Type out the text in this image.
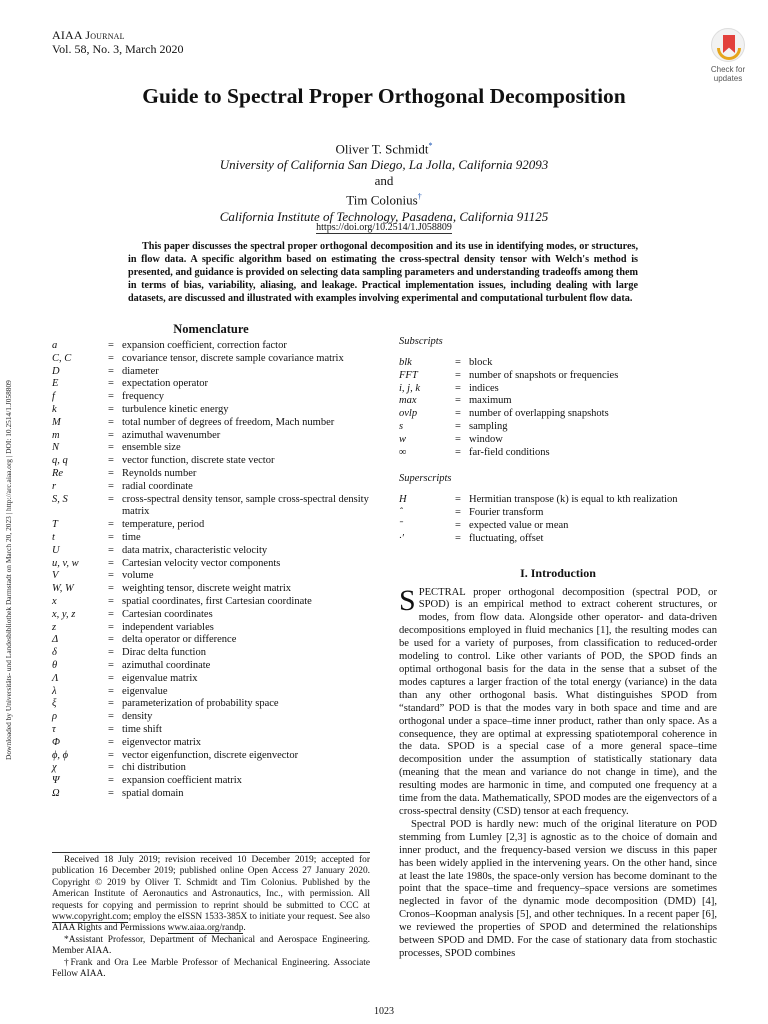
AIAA Journal
Vol. 58, No. 3, March 2020
Check for
updates
Guide to Spectral Proper Orthogonal Decomposition
Oliver T. Schmidt*
University of California San Diego, La Jolla, California 92093
and
Tim Colonius†
California Institute of Technology, Pasadena, California 91125
https://doi.org/10.2514/1.J058809
This paper discusses the spectral proper orthogonal decomposition and its use in identifying modes, or structures, in flow data. A specific algorithm based on estimating the cross-spectral density tensor with Welch's method is presented, and guidance is provided on selecting data sampling parameters and understanding tradeoffs among them in terms of bias, variability, aliasing, and leakage. Practical implementation issues, including dealing with large datasets, are discussed and illustrated with examples involving experimental and computational turbulent flow data.
Downloaded by Universitäts- und Landesbibliothek Darmstadt on March 20, 2023 | http://arc.aiaa.org | DOI: 10.2514/1.J058809
Nomenclature
a	= expansion coefficient, correction factor
C, C	= covariance tensor, discrete sample covariance matrix
D	= diameter
E	= expectation operator
f	= frequency
k	= turbulence kinetic energy
M	= total number of degrees of freedom, Mach number
m	= azimuthal wavenumber
N	= ensemble size
q, q	= vector function, discrete state vector
Re	= Reynolds number
r	= radial coordinate
S, S	= cross-spectral density tensor, sample cross-spectral density matrix
T	= temperature, period
t	= time
U	= data matrix, characteristic velocity
u, v, w	= Cartesian velocity vector components
V	= volume
W, W	= weighting tensor, discrete weight matrix
x	= spatial coordinates, first Cartesian coordinate
x, y, z	= Cartesian coordinates
z	= independent variables
Δ	= delta operator or difference
δ	= Dirac delta function
θ	= azimuthal coordinate
Λ	= eigenvalue matrix
λ	= eigenvalue
ξ	= parameterization of probability space
ρ	= density
τ	= time shift
Φ	= eigenvector matrix
ϕ, ϕ	= vector eigenfunction, discrete eigenvector
χ	= chi distribution
Ψ	= expansion coefficient matrix
Ω	= spatial domain

Received 18 July 2019; revision received 10 December 2019; accepted for publication 16 December 2019; published online Open Access 27 January 2020. Copyright © 2019 by Oliver T. Schmidt and Tim Colonius. Published by the American Institute of Aeronautics and Astronautics, Inc., with permission. All requests for copying and permission to reprint should be submitted to CCC at www.copyright.com; employ the eISSN 1533-385X to initiate your request. See also AIAA Rights and Permissions www.aiaa.org/randp.

*Assistant Professor, Department of Mechanical and Aerospace Engineering. Member AIAA.

†Frank and Ora Lee Marble Professor of Mechanical Engineering. Associate Fellow AIAA.

Subscripts
blk	= block
FFT	= number of snapshots or frequencies
i, j, k	= indices
max	= maximum
ovlp	= number of overlapping snapshots
s	= sampling
w	= window
∞	= far-field conditions
Superscripts
H	= Hermitian transpose (k) is equal to kth realization
ˆ	= Fourier transform
ˉ	= expected value or mean
·′	= fluctuating, offset
I. Introduction

SPECTRAL proper orthogonal decomposition (spectral POD, or SPOD) is an empirical method to extract coherent structures, or modes, from flow data. Alongside other operator- and data-driven decompositions employed in fluid mechanics [1], the resulting modes can be used for a variety of purposes, from classification to reduced-order modeling to control. Like other variants of POD, the SPOD finds an optimal orthogonal basis for the data in the sense that a subset of the modes captures a larger fraction of the total energy (variance) in the data than any other orthogonal basis. What distinguishes SPOD from “standard” POD is that the modes vary in both space and time and are orthogonal under a space–time inner product, rather than only space. As a consequence, they are optimal at expressing spatiotemporal coherence in the data. SPOD is a special case of a more general space–time decomposition under the assumption of statistically stationary data (meaning that the mean and variance do not change in time), and the resulting modes are harmonic in time, and computed one frequency at a time from the data. Mathematically, SPOD modes are the eigenvectors of a cross-spectral density (CSD) tensor at each frequency.

Spectral POD is hardly new: much of the original literature on POD stemming from Lumley [2,3] is agnostic as to the choice of domain and inner product, and the frequency-based version we discuss in this paper has been widely applied in the intervening years. On the other hand, since at least the late 1980s, the space-only version has become dominant to the point that the space–time and frequency–space versions are sometimes neglected in favor of the dynamic mode decomposition (DMD) [4], Cronos–Koopman analysis [5], and other techniques. In a recent paper [6], we reviewed the properties of SPOD and determined the relationships between SPOD and DMD. For the case of stationary data from stochastic processes, SPOD combines

1023
